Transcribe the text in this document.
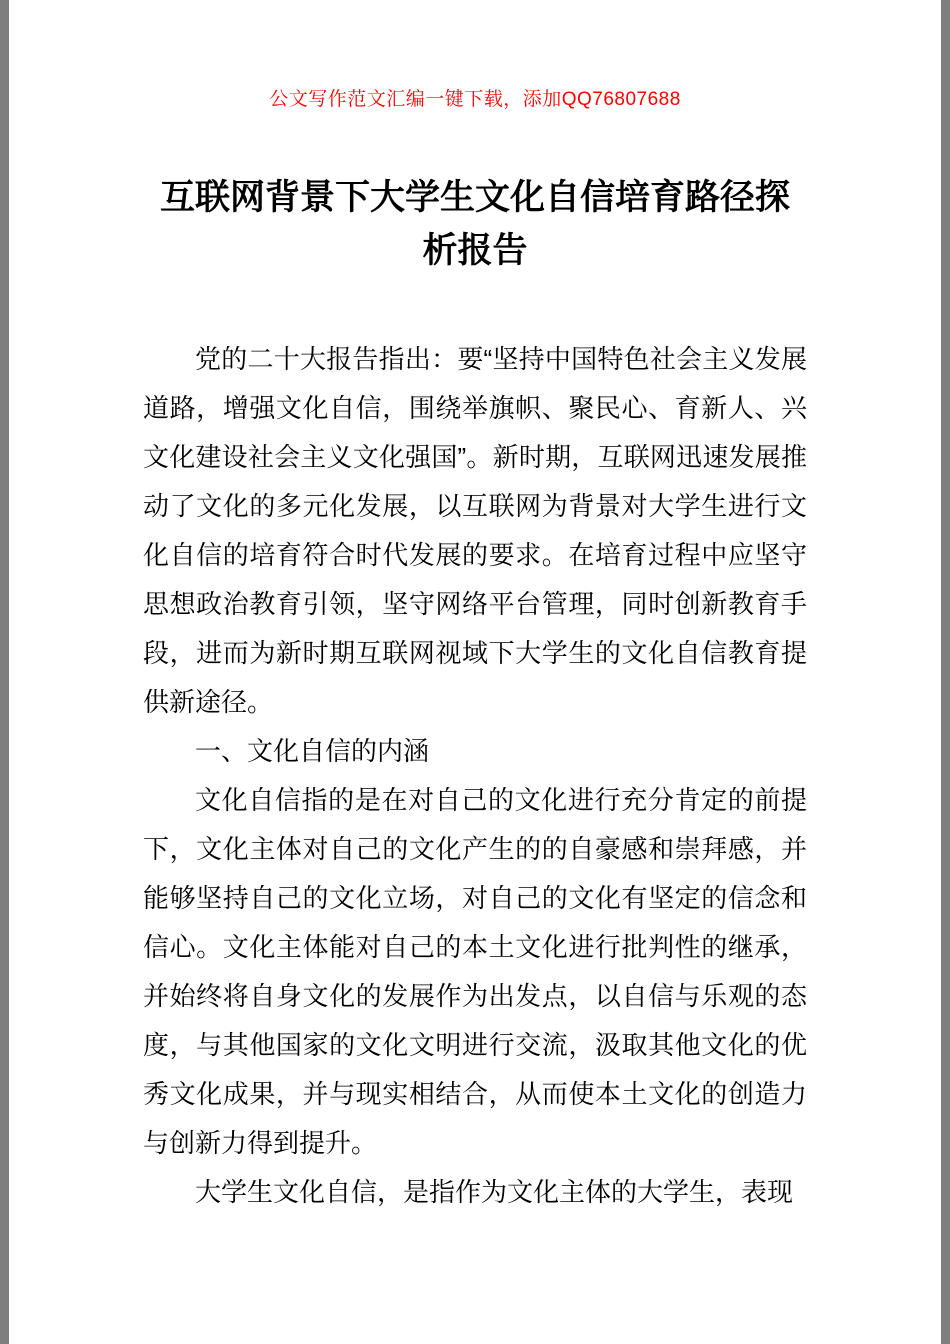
公文写作范文汇编一键下载，添加QQ76807688
互联网背景下大学生文化自信培育路径探析报告

党的二十大报告指出：要“坚持中国特色社会主义发展道路，增强文化自信，围绕举旗帜、聚民心、育新人、兴文化建设社会主义文化强国”。新时期，互联网迅速发展推动了文化的多元化发展，以互联网为背景对大学生进行文化自信的培育符合时代发展的要求。在培育过程中应坚守思想政治教育引领，坚守网络平台管理，同时创新教育手段，进而为新时期互联网视域下大学生的文化自信教育提供新途径。

一、文化自信的内涵

文化自信指的是在对自己的文化进行充分肯定的前提下，文化主体对自己的文化产生的的自豪感和崇拜感，并能够坚持自己的文化立场，对自己的文化有坚定的信念和信心。文化主体能对自己的本土文化进行批判性的继承，并始终将自身文化的发展作为出发点，以自信与乐观的态度，与其他国家的文化文明进行交流，汲取其他文化的优秀文化成果，并与现实相结合，从而使本土文化的创造力与创新力得到提升。

大学生文化自信，是指作为文化主体的大学生，表现
